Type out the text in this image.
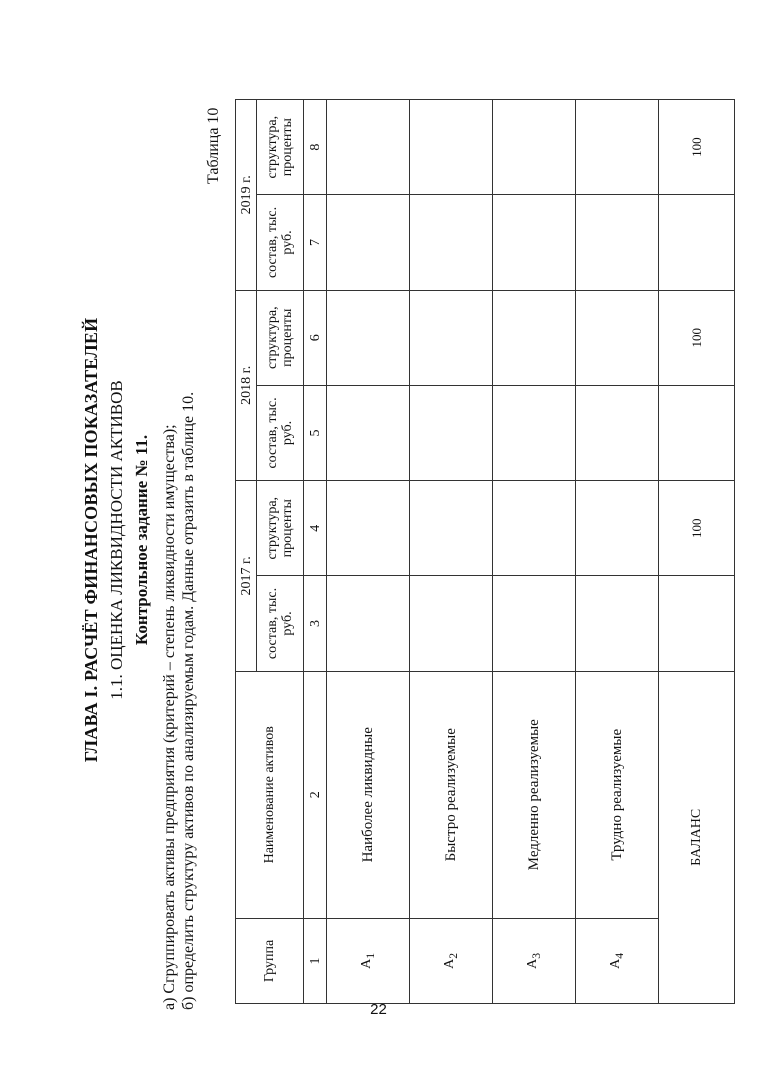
ГЛАВА I. РАСЧЁТ ФИНАНСОВЫХ ПОКАЗАТЕЛЕЙ 1.1. ОЦЕНКА ЛИКВИДНОСТИ АКТИВОВ Контрольное задание № 11. а) Сгруппировать активы предприятия (критерий – степень ликвидности имущества); б) определить структуру активов по анализируемым годам. Данные отразить в таблице 10.
Таблица 10
22
Группа	Наименование активов	2017 г.		2018 г.		2019 г.	
		состав, тыс. руб.	структура, проценты	состав, тыс. руб.	структура, проценты	состав, тыс. руб.	структура, проценты
1	2	3	4	5	6	7	8
$A_1$	Наиболее ликвидные						
$A_2$	Быстро реализуемые						
$A_3$	Медленно реализуемые						
$A_4$	Трудно реализуемые						
БАЛАНС			100		100		100
